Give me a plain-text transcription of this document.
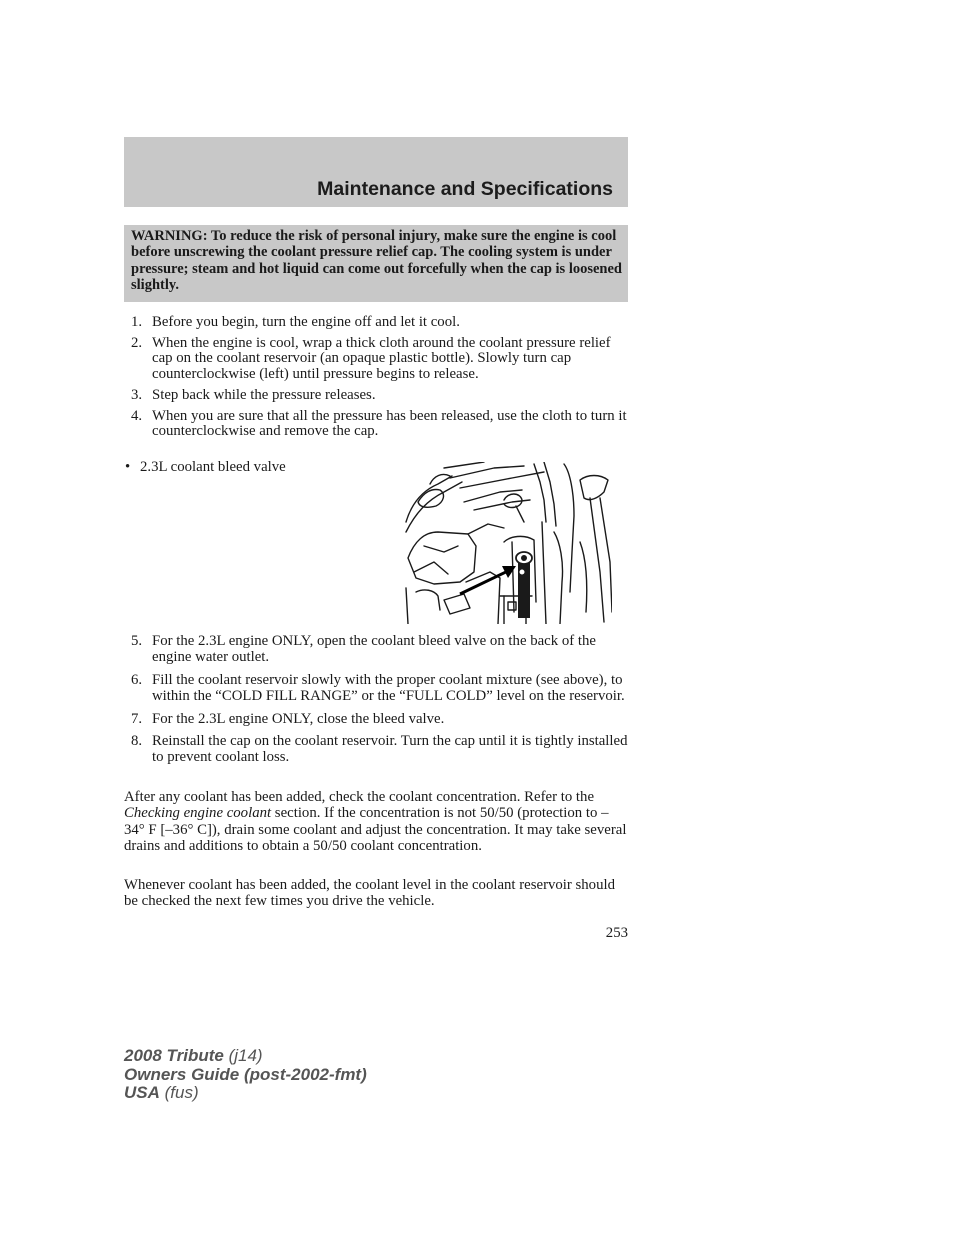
Maintenance and Specifications
WARNING: To reduce the risk of personal injury, make sure the engine is cool before unscrewing the coolant pressure relief cap. The cooling system is under pressure; steam and hot liquid can come out forcefully when the cap is loosened slightly.
1. Before you begin, turn the engine off and let it cool.
2. When the engine is cool, wrap a thick cloth around the coolant pressure relief cap on the coolant reservoir (an opaque plastic bottle). Slowly turn cap counterclockwise (left) until pressure begins to release.
3. Step back while the pressure releases.
4. When you are sure that all the pressure has been released, use the cloth to turn it counterclockwise and remove the cap.
• 2.3L coolant bleed valve
5. For the 2.3L engine ONLY, open the coolant bleed valve on the back of the engine water outlet.
6. Fill the coolant reservoir slowly with the proper coolant mixture (see above), to within the “COLD FILL RANGE” or the “FULL COLD” level on the reservoir.
7. For the 2.3L engine ONLY, close the bleed valve.
8. Reinstall the cap on the coolant reservoir. Turn the cap until it is tightly installed to prevent coolant loss.

After any coolant has been added, check the coolant concentration. Refer to the Checking engine coolant section. If the concentration is not 50/50 (protection to –34° F [–36° C]), drain some coolant and adjust the concentration. It may take several drains and additions to obtain a 50/50 coolant concentration.

Whenever coolant has been added, the coolant level in the coolant reservoir should be checked the next few times you drive the vehicle.

253
2008 Tribute (j14)
Owners Guide (post-2002-fmt)
USA (fus)
